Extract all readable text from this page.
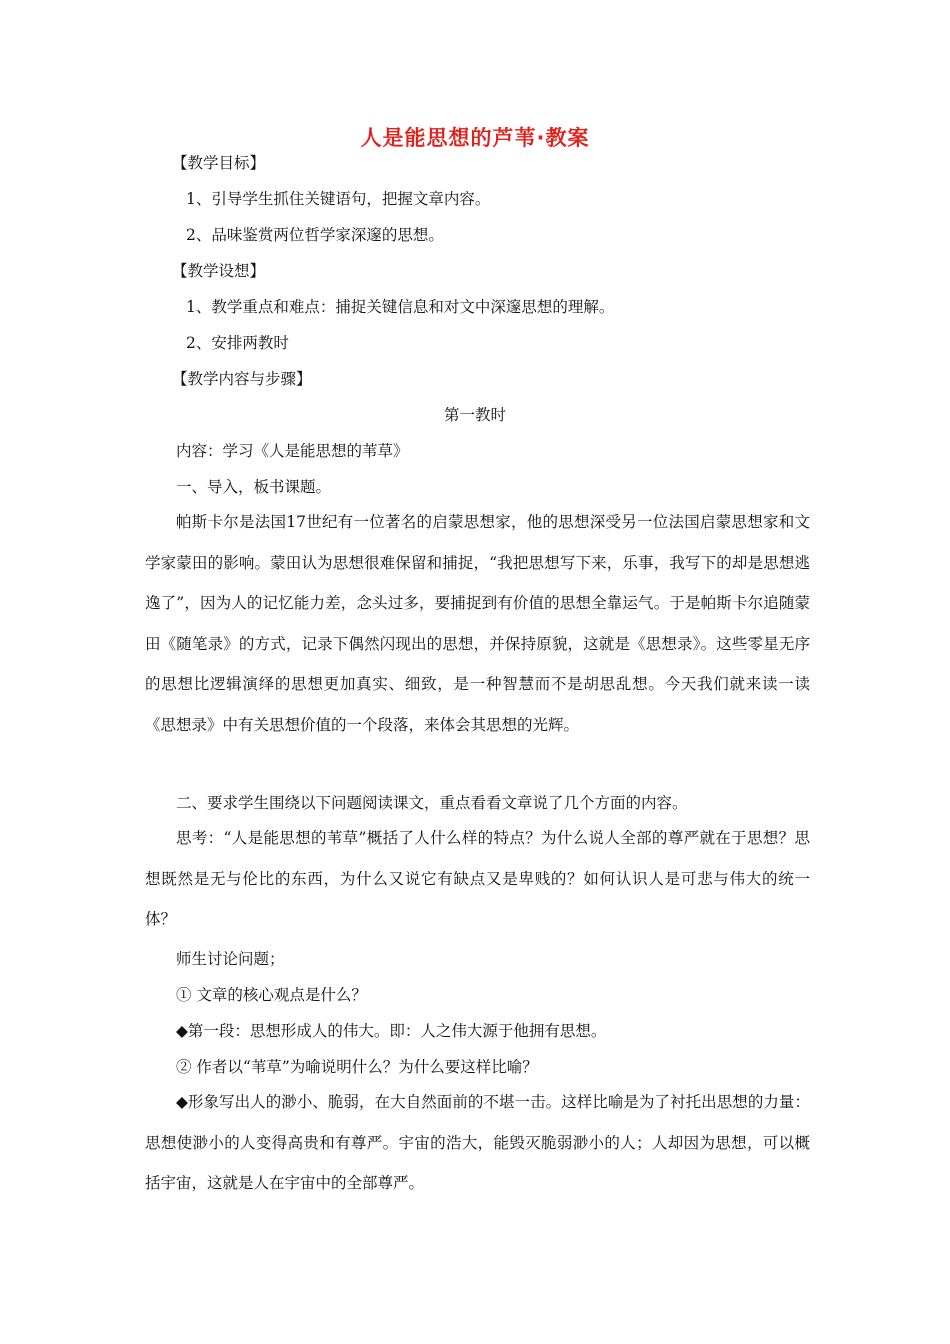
人是能思想的芦苇·教案
【教学目标】
1、引导学生抓住关键语句，把握文章内容。
2、品味鉴赏两位哲学家深邃的思想。
【教学设想】
1、教学重点和难点：捕捉关键信息和对文中深邃思想的理解。
2、安排两教时
【教学内容与步骤】
第一教时
内容：学习《人是能思想的苇草》
一、导入，板书课题。
帕斯卡尔是法国17世纪有一位著名的启蒙思想家，他的思想深受另一位法国启蒙思想家和文学家蒙田的影响。蒙田认为思想很难保留和捕捉，“我把思想写下来，乐事，我写下的却是思想逃逸了”，因为人的记忆能力差，念头过多，要捕捉到有价值的思想全靠运气。于是帕斯卡尔追随蒙田《随笔录》的方式，记录下偶然闪现出的思想，并保持原貌，这就是《思想录》。这些零星无序的思想比逻辑演绎的思想更加真实、细致，是一种智慧而不是胡思乱想。今天我们就来读一读《思想录》中有关思想价值的一个段落，来体会其思想的光辉。
二、要求学生围绕以下问题阅读课文，重点看看文章说了几个方面的内容。
思考：“人是能思想的苇草”概括了人什么样的特点？为什么说人全部的尊严就在于思想？思想既然是无与伦比的东西，为什么又说它有缺点又是卑贱的？如何认识人是可悲与伟大的统一体？
师生讨论问题；
① 文章的核心观点是什么？
◆第一段：思想形成人的伟大。即：人之伟大源于他拥有思想。
② 作者以“苇草”为喻说明什么？为什么要这样比喻？
◆形象写出人的渺小、脆弱，在大自然面前的不堪一击。这样比喻是为了衬托出思想的力量：思想使渺小的人变得高贵和有尊严。宇宙的浩大，能毁灭脆弱渺小的人；人却因为思想，可以概括宇宙，这就是人在宇宙中的全部尊严。
